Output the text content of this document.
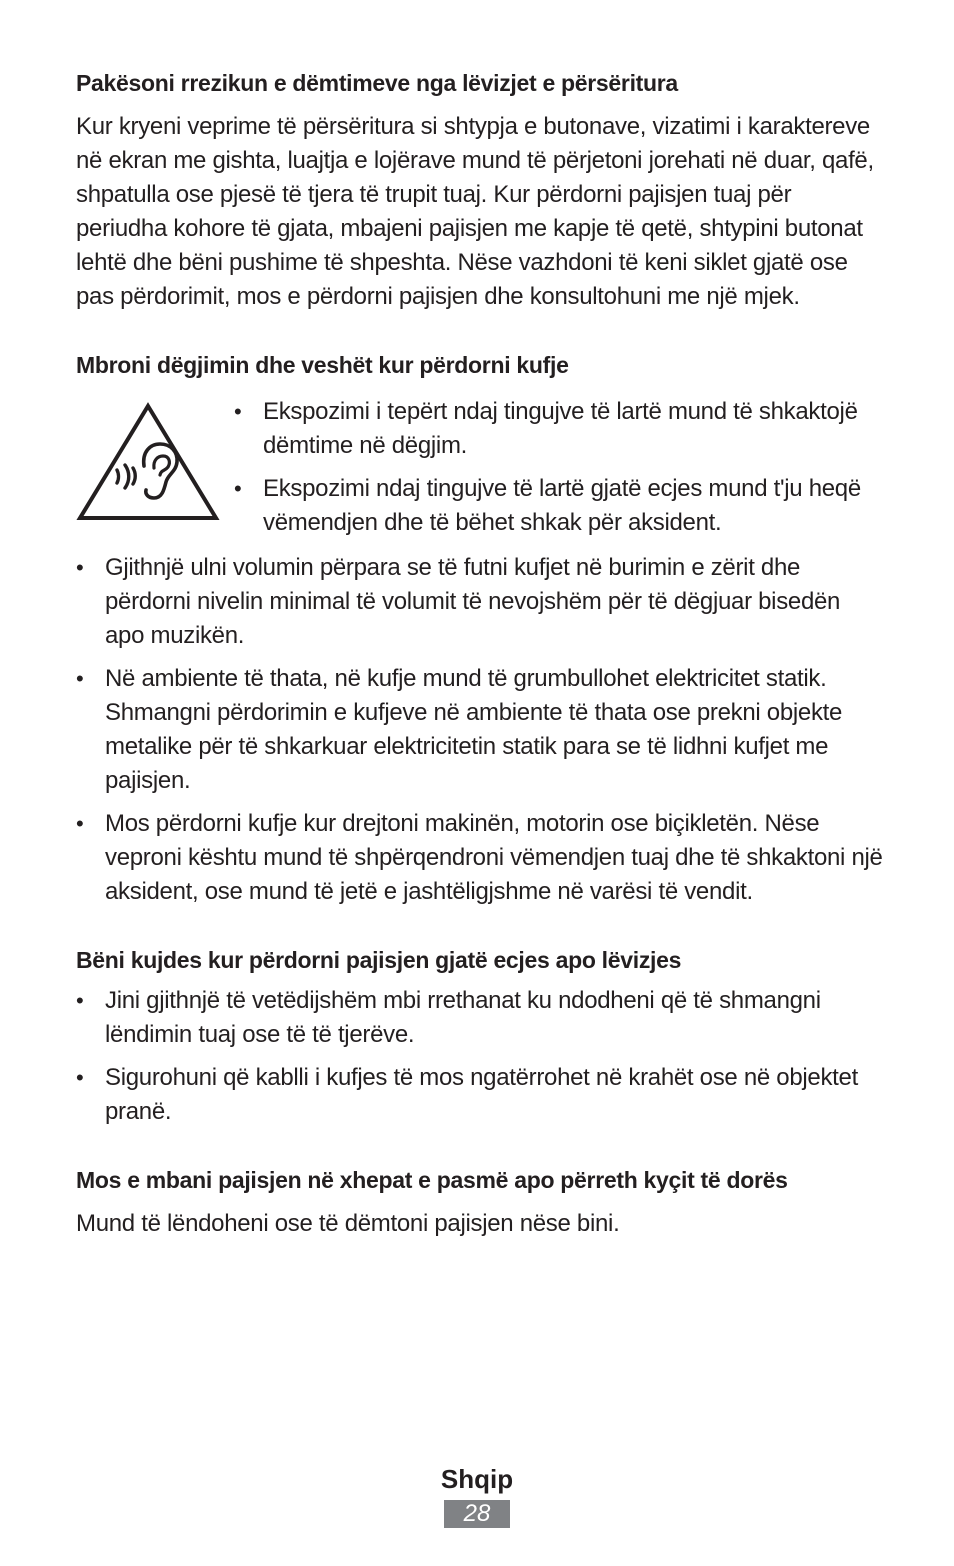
Pakësoni rrezikun e dëmtimeve nga lëvizjet e përsëritura

Kur kryeni veprime të përsëritura si shtypja e butonave, vizatimi i karaktereve në ekran me gishta, luajtja e lojërave mund të përjetoni jorehati në duar, qafë, shpatulla ose pjesë të tjera të trupit tuaj. Kur përdorni pajisjen tuaj për periudha kohore të gjata, mbajeni pajisjen me kapje të qetë, shtypini butonat lehtë dhe bëni pushime të shpeshta. Nëse vazhdoni të keni siklet gjatë ose pas përdorimit, mos e përdorni pajisjen dhe konsultohuni me një mjek.

Mbroni dëgjimin dhe veshët kur përdorni kufje
• Ekspozimi i tepërt ndaj tingujve të lartë mund të shkaktojë dëmtime në dëgjim.
• Ekspozimi ndaj tingujve të lartë gjatë ecjes mund t'ju heqë vëmendjen dhe të bëhet shkak për aksident.
• Gjithnjë ulni volumin përpara se të futni kufjet në burimin e zërit dhe përdorni nivelin minimal të volumit të nevojshëm për të dëgjuar bisedën apo muzikën.
• Në ambiente të thata, në kufje mund të grumbullohet elektricitet statik. Shmangni përdorimin e kufjeve në ambiente të thata ose prekni objekte metalike për të shkarkuar elektricitetin statik para se të lidhni kufjet me pajisjen.
• Mos përdorni kufje kur drejtoni makinën, motorin ose biçikletën. Nëse veproni kështu mund të shpërqendroni vëmendjen tuaj dhe të shkaktoni një aksident, ose mund të jetë e jashtëligjshme në varësi të vendit.
Bëni kujdes kur përdorni pajisjen gjatë ecjes apo lëvizjes
• Jini gjithnjë të vetëdijshëm mbi rrethanat ku ndodheni që të shmangni lëndimin tuaj ose të të tjerëve.
• Sigurohuni që kablli i kufjes të mos ngatërrohet në krahët ose në objektet pranë.
Mos e mbani pajisjen në xhepat e pasmë apo përreth kyçit të dorës

Mund të lëndoheni ose të dëmtoni pajisjen nëse bini.

Shqip
28
